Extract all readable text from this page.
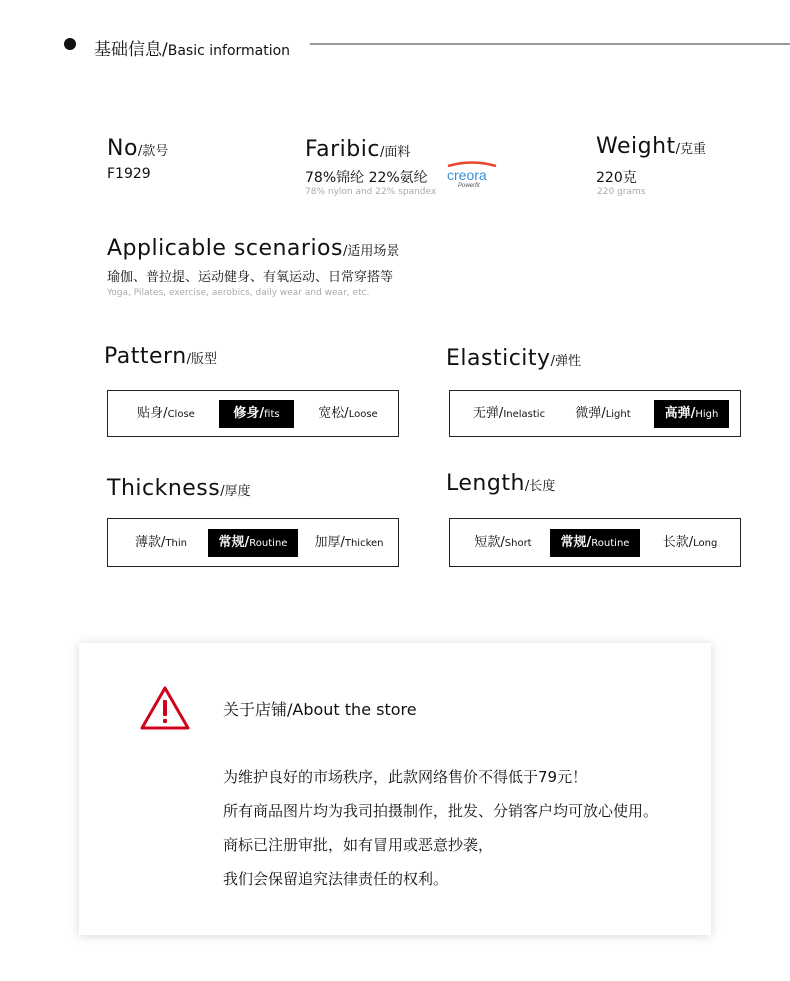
基础信息/Basic information
No/款号
F1929
Faribic/面料
78%锦纶 22%氨纶
78% nylon and 22% spandex
creora
Powerfit
Weight/克重
220克
220 grams
Applicable scenarios/适用场景
瑜伽、普拉提、运动健身、有氧运动、日常穿搭等
Yoga, Pilates, exercise, aerobics, daily wear and wear, etc.
Pattern/版型
贴身/Close	修身/fits	宽松/Loose
Elasticity/弹性
无弹/Inelastic	微弹/Light	高弹/High
Thickness/厚度
薄款/Thin	常规/Routine	加厚/Thicken
Length/长度
短款/Short	常规/Routine	长款/Long
关于店铺/About the store
为维护良好的市场秩序，此款网络售价不得低于79元！
所有商品图片均为我司拍摄制作，批发、分销客户均可放心使用。
商标已注册审批，如有冒用或恶意抄袭，
我们会保留追究法律责任的权利。
